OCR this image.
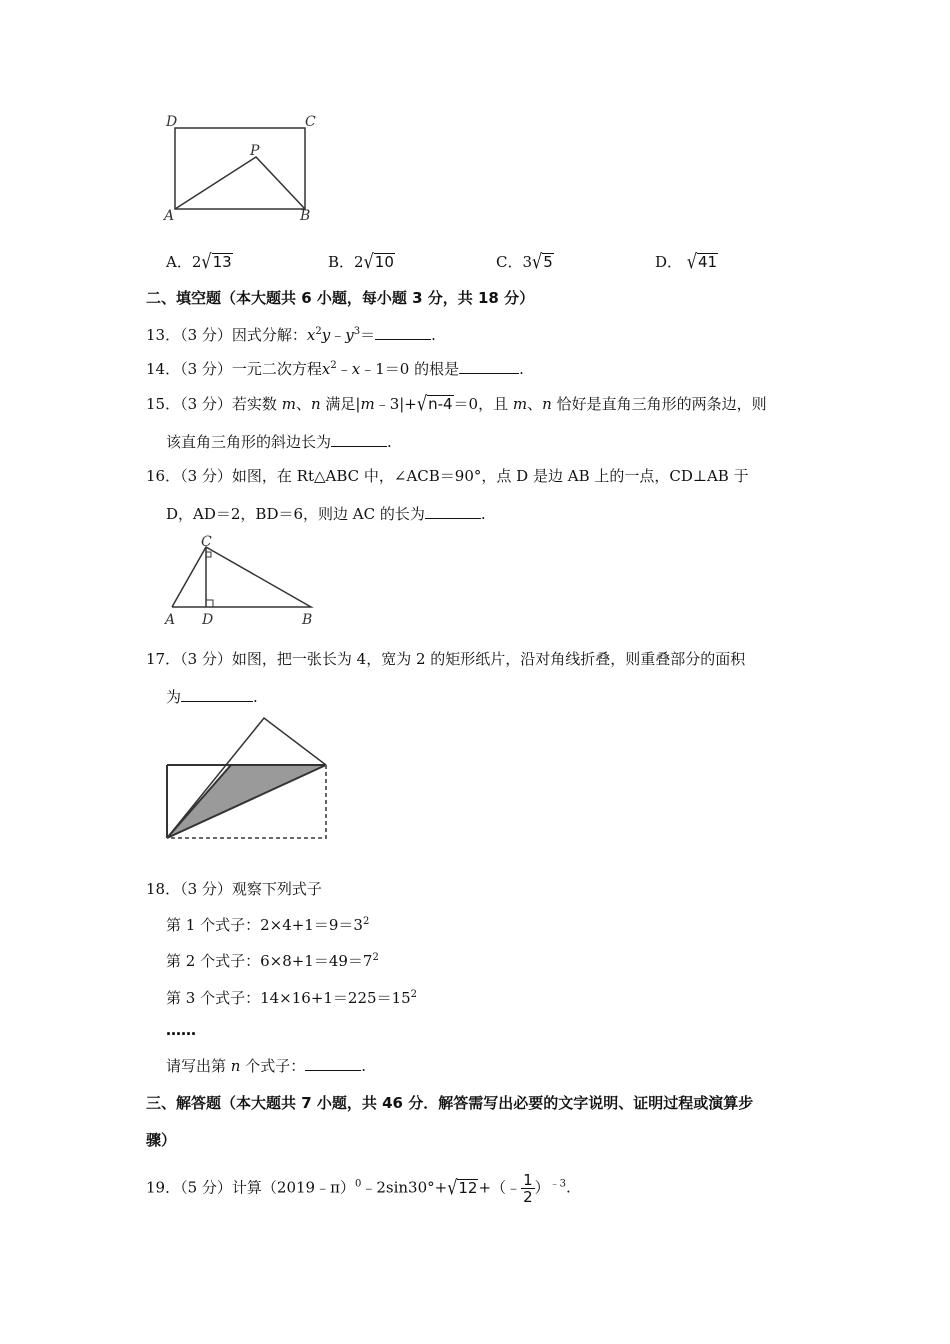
D	C
P
A	B
A．2√13	B．2√10	C．3√5	D． √41
二、填空题（本大题共 6 小题，每小题 3 分，共 18 分）
13．（3 分）因式分解：$x^2y﹣y^3=$	.
14．（3 分）一元二次方程$x^2﹣x﹣1=0$ 的根是	.
15．（3 分）若实数 m、n 满足|m﹣3|+√n-4＝0，且 m、n 恰好是直角三角形的两条边，则
该直角三角形的斜边长为	.
16．（3 分）如图，在 Rt△ABC 中，∠ACB＝90°，点 D 是边 AB 上的一点，CD⊥AB 于
D，AD＝2，BD＝6，则边 AC 的长为	.
C
A D	B
17．（3 分）如图，把一张长为 4，宽为 2 的矩形纸片，沿对角线折叠，则重叠部分的面积
为	.
18．（3 分）观察下列式子
第 1 个式子：$2\times 4+1=9=3^2$
第 2 个式子：$6\times 8+1=49=7^2$
第 3 个式子：$14\times 16+1=225=15^2$
……
请写出第 n 个式子：	.
三、解答题（本大题共 7 小题，共 46 分．解答需写出必要的文字说明、证明过程或演算步
骤）
19．（5 分）计算（2019﹣π）$^0$﹣2sin30°+√12+（﹣ $\frac{1}{2} )^{﹣3}$.
